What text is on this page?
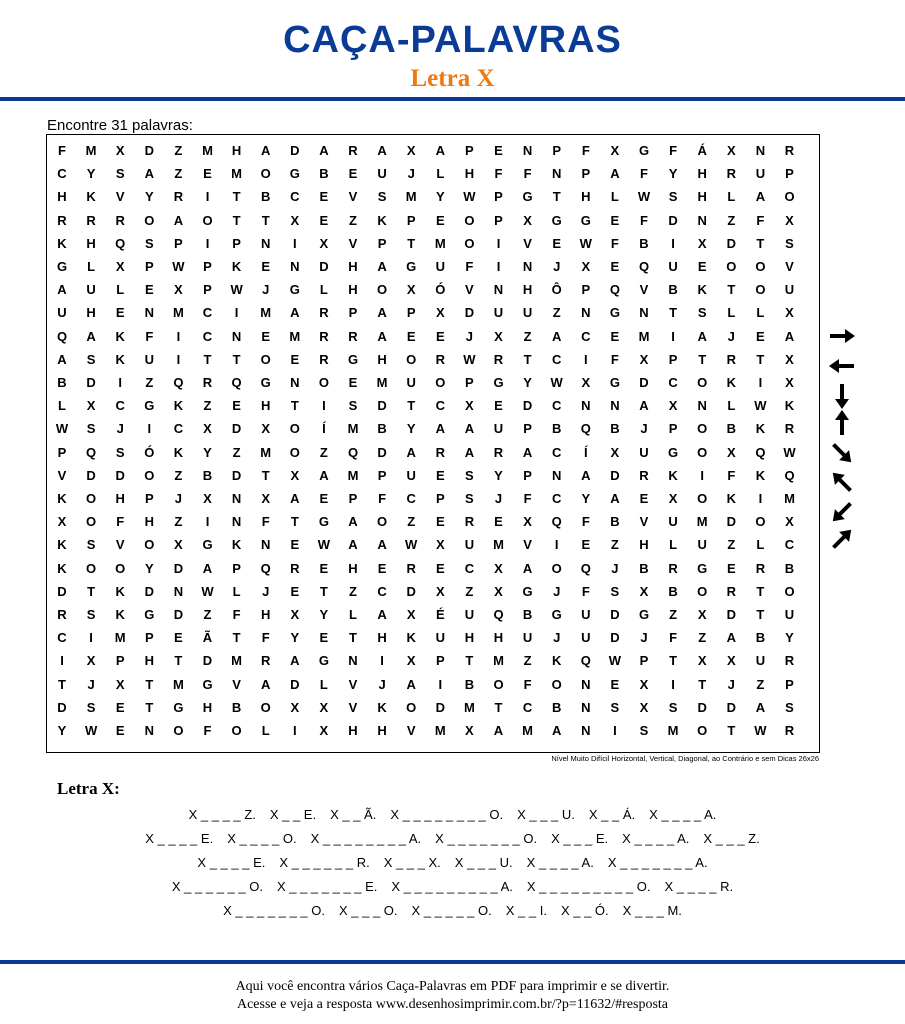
CAÇA-PALAVRAS
Letra X
Encontre 31 palavras:
F	M	X	D	Z	M	H	A	D	A	R	A	X	A	P	E	N	P	F	X	G	F	Á	X	N	R
C	Y	S	A	Z	E	M	O	G	B	E	U	J	L	H	F	F	N	P	A	F	Y	H	R	U	P
H	K	V	Y	R	I	T	B	C	E	V	S	M	Y	W	P	G	T	H	L	W	S	H	L	A	O
R	R	R	O	A	O	T	T	X	E	Z	K	P	E	O	P	X	G	G	E	F	D	N	Z	F	X
K	H	Q	S	P	I	P	N	I	X	V	P	T	M	O	I	V	E	W	F	B	I	X	D	T	S
G	L	X	P	W	P	K	E	N	D	H	A	G	U	F	I	N	J	X	E	Q	U	E	O	O	V
A	U	L	E	X	P	W	J	G	L	H	O	X	Ó	V	N	H	Ô	P	Q	V	B	K	T	O	U
U	H	E	N	M	C	I	M	A	R	P	A	P	X	D	U	U	Z	N	G	N	T	S	L	L	X
Q	A	K	F	I	C	N	E	M	R	R	A	E	E	J	X	Z	A	C	E	M	I	A	J	E	A
A	S	K	U	I	T	T	O	E	R	G	H	O	R	W	R	T	C	I	F	X	P	T	R	T	X
B	D	I	Z	Q	R	Q	G	N	O	E	M	U	O	P	G	Y	W	X	G	D	C	O	K	I	X
L	X	C	G	K	Z	E	H	T	I	S	D	T	C	X	E	D	C	N	N	A	X	N	L	W	K
W	S	J	I	C	X	D	X	O	Í	M	B	Y	A	A	U	P	B	Q	B	J	P	O	B	K	R
P	Q	S	Ó	K	Y	Z	M	O	Z	Q	D	A	R	A	R	A	C	Í	X	U	G	O	X	Q	W
V	D	D	O	Z	B	D	T	X	A	M	P	U	E	S	Y	P	N	A	D	R	K	I	F	K	Q
K	O	H	P	J	X	N	X	A	E	P	F	C	P	S	J	F	C	Y	A	E	X	O	K	I	M
X	O	F	H	Z	I	N	F	T	G	A	O	Z	E	R	E	X	Q	F	B	V	U	M	D	O	X
K	S	V	O	X	G	K	N	E	W	A	A	W	X	U	M	V	I	E	Z	H	L	U	Z	L	C
K	O	O	Y	D	A	P	Q	R	E	H	E	R	E	C	X	A	O	Q	J	B	R	G	E	R	B
D	T	K	D	N	W	L	J	E	T	Z	C	D	X	Z	X	G	J	F	S	X	B	O	R	T	O
R	S	K	G	D	Z	F	H	X	Y	L	A	X	É	U	Q	B	G	U	D	G	Z	X	D	T	U
C	I	M	P	E	Ã	T	F	Y	E	T	H	K	U	H	H	U	J	U	D	J	F	Z	A	B	Y
I	X	P	H	T	D	M	R	A	G	N	I	X	P	T	M	Z	K	Q	W	P	T	X	X	U	R
T	J	X	T	M	G	V	A	D	L	V	J	A	I	B	O	F	O	N	E	X	I	T	J	Z	P
D	S	E	T	G	H	B	O	X	X	V	K	O	D	M	T	C	B	N	S	X	S	D	D	A	S
Y	W	E	N	O	F	O	L	I	X	H	H	V	M	X	A	M	A	N	I	S	M	O	T	W	R
Nível Muito Difícil Horizontal, Vertical, Diagonal, ao Contrário e sem Dicas 26x26
Letra X:
X _ _ _ _ Z. X _ _ E. X _ _ Ã. X _ _ _ _ _ _ _ _ O. X _ _ _ U. X _ _ Á. X _ _ _ _ A.
X _ _ _ _ E. X _ _ _ _ O. X _ _ _ _ _ _ _ _ A. X _ _ _ _ _ _ _ O. X _ _ _ E. X _ _ _ _ A. X _ _ _ Z.
X _ _ _ _ E. X _ _ _ _ _ _ R. X _ _ _ X. X _ _ _ U. X _ _ _ _ A. X _ _ _ _ _ _ _ A.
X _ _ _ _ _ _ O. X _ _ _ _ _ _ _ E. X _ _ _ _ _ _ _ _ _ A. X _ _ _ _ _ _ _ _ _ O. X _ _ _ _ R.
X _ _ _ _ _ _ _ O. X _ _ _ O. X _ _ _ _ _ O. X _ _ I. X _ _ Ó. X _ _ _ M.
Aqui você encontra vários Caça-Palavras em PDF para imprimir e se divertir.
Acesse e veja a resposta www.desenhosimprimir.com.br/?p=11632/#resposta
